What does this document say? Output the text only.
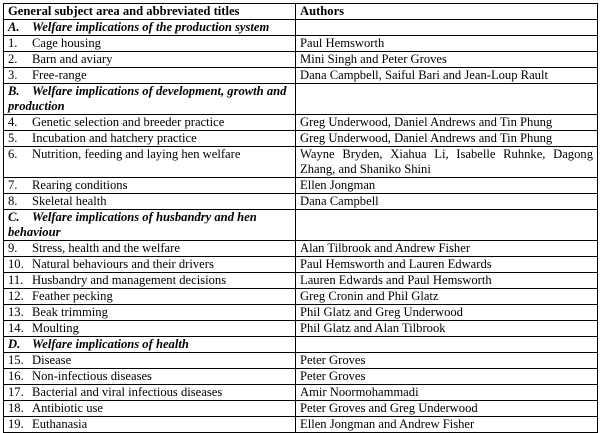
General subject area and abbreviated titles	Authors
A. Welfare implications of the production system	
1. Cage housing	Paul Hemsworth
2. Barn and aviary	Mini Singh and Peter Groves
3. Free-range	Dana Campbell, Saiful Bari and Jean-Loup Rault
B. Welfare implications of development, growth and production	
4. Genetic selection and breeder practice	Greg Underwood, Daniel Andrews and Tin Phung
5. Incubation and hatchery practice	Greg Underwood, Daniel Andrews and Tin Phung
6. Nutrition, feeding and laying hen welfare	Wayne Bryden, Xiahua Li, Isabelle Ruhnke, Dagong Zhang, and Shaniko Shini
7. Rearing conditions	Ellen Jongman
8. Skeletal health	Dana Campbell
C. Welfare implications of husbandry and hen behaviour	
9. Stress, health and the welfare	Alan Tilbrook and Andrew Fisher
10. Natural behaviours and their drivers	Paul Hemsworth and Lauren Edwards
11. Husbandry and management decisions	Lauren Edwards and Paul Hemsworth
12. Feather pecking	Greg Cronin and Phil Glatz
13. Beak trimming	Phil Glatz and Greg Underwood
14. Moulting	Phil Glatz and Alan Tilbrook
D. Welfare implications of health	
15. Disease	Peter Groves
16. Non-infectious diseases	Peter Groves
17. Bacterial and viral infectious diseases	Amir Noormohammadi
18. Antibiotic use	Peter Groves and Greg Underwood
19. Euthanasia	Ellen Jongman and Andrew Fisher
